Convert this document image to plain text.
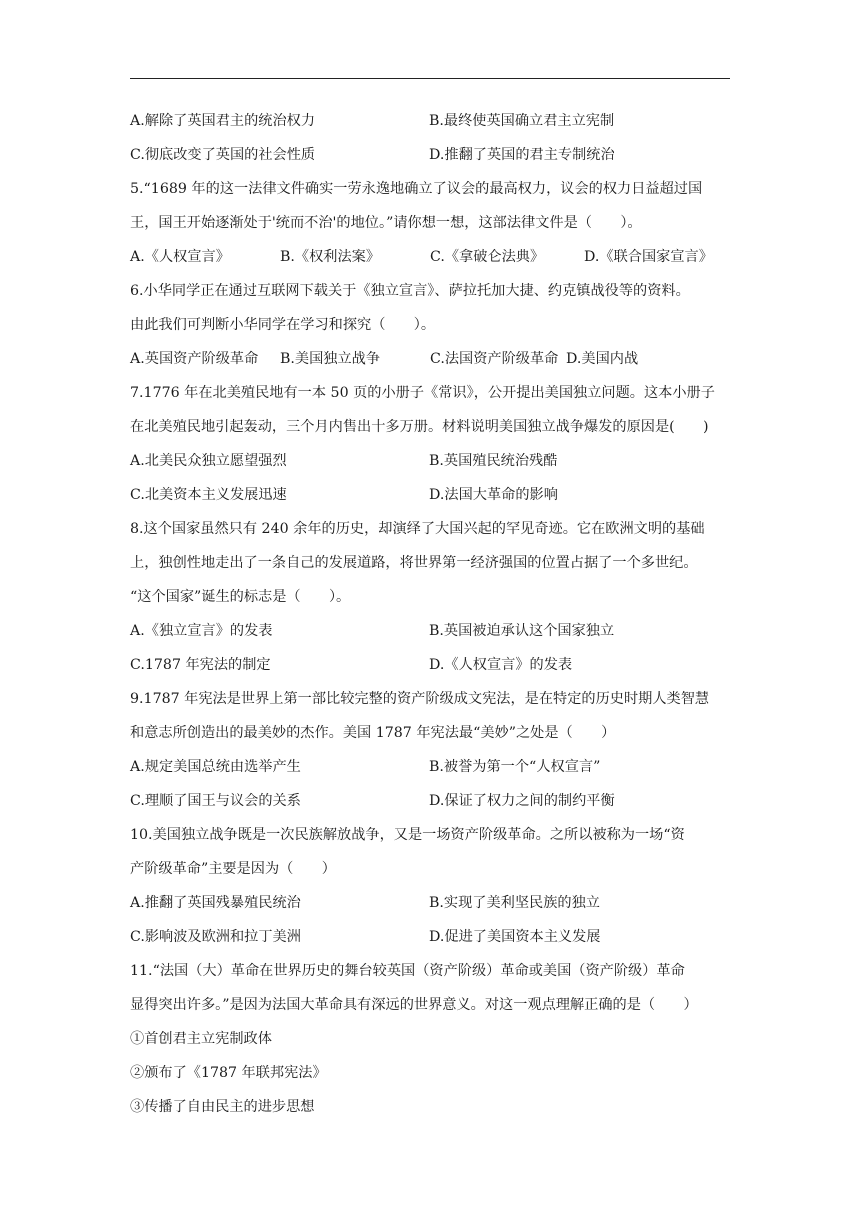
A.解除了英国君主的统治权力	B.最终使英国确立君主立宪制
C.彻底改变了英国的社会性质	D.推翻了英国的君主专制统治
5.“1689 年的这一法律文件确实一劳永逸地确立了议会的最高权力，议会的权力日益超过国
王，国王开始逐渐处于'统而不治'的地位。”请你想一想，这部法律文件是（　　）。
A.《人权宣言》	B.《权利法案》	C.《拿破仑法典》	D.《联合国家宣言》
6.小华同学正在通过互联网下载关于《独立宣言》、萨拉托加大捷、约克镇战役等的资料。
由此我们可判断小华同学在学习和探究（　　）。
A.英国资产阶级革命	B.美国独立战争	C.法国资产阶级革命 D.美国内战
7.1776 年在北美殖民地有一本 50 页的小册子《常识》，公开提出美国独立问题。这本小册子
在北美殖民地引起轰动，三个月内售出十多万册。材料说明美国独立战争爆发的原因是(　　)
A.北美民众独立愿望强烈	B.英国殖民统治残酷
C.北美资本主义发展迅速	D.法国大革命的影响
8.这个国家虽然只有 240 余年的历史，却演绎了大国兴起的罕见奇迹。它在欧洲文明的基础
上，独创性地走出了一条自己的发展道路，将世界第一经济强国的位置占据了一个多世纪。
“这个国家”诞生的标志是（　　）。
A.《独立宣言》的发表	B.英国被迫承认这个国家独立
C.1787 年宪法的制定	D.《人权宣言》的发表
9.1787 年宪法是世界上第一部比较完整的资产阶级成文宪法，是在特定的历史时期人类智慧
和意志所创造出的最美妙的杰作。美国 1787 年宪法最“美妙”之处是（　　）
A.规定美国总统由选举产生	B.被誉为第一个“人权宣言”
C.理顺了国王与议会的关系	D.保证了权力之间的制约平衡
10.美国独立战争既是一次民族解放战争，又是一场资产阶级革命。之所以被称为一场“资
产阶级革命”主要是因为（　　）
A.推翻了英国残暴殖民统治	B.实现了美利坚民族的独立
C.影响波及欧洲和拉丁美洲	D.促进了美国资本主义发展
11.“法国（大）革命在世界历史的舞台较英国（资产阶级）革命或美国（资产阶级）革命
显得突出许多。”是因为法国大革命具有深远的世界意义。对这一观点理解正确的是（　　）
①首创君主立宪制政体
②颁布了《1787 年联邦宪法》
③传播了自由民主的进步思想
